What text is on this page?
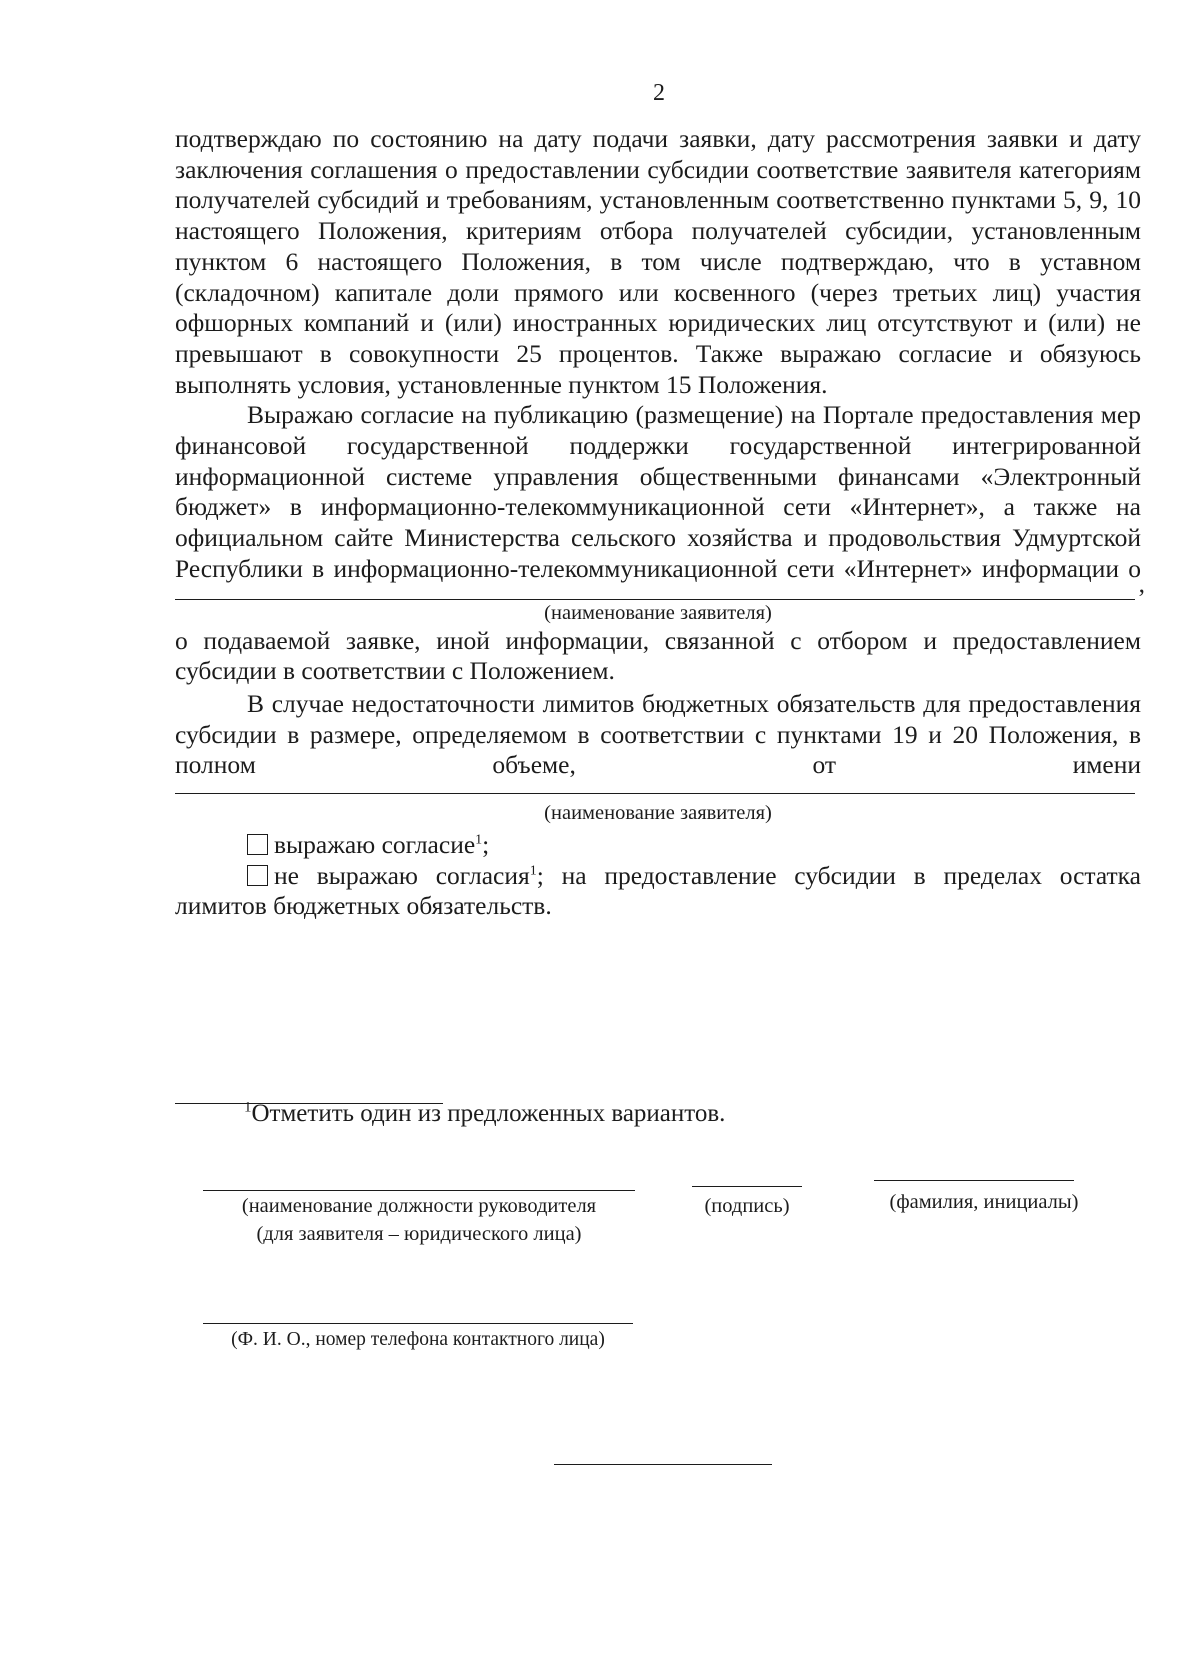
2

подтверждаю по состоянию на дату подачи заявки, дату рассмотрения заявки и дату заключения соглашения о предоставлении субсидии соответствие заявителя категориям получателей субсидий и требованиям, установленным соответственно пунктами 5, 9, 10 настоящего Положения, критериям отбора получателей субсидии, установленным пунктом 6 настоящего Положения, в том числе подтверждаю, что в уставном (складочном) капитале доли прямого или косвенного (через третьих лиц) участия офшорных компаний и (или) иностранных юридических лиц отсутствуют и (или) не превышают в совокупности 25 процентов. Также выражаю согласие и обязуюсь выполнять условия, установленные пунктом 15 Положения.

Выражаю согласие на публикацию (размещение) на Портале предоставления мер финансовой государственной поддержки государственной интегрированной информационной системе управления общественными финансами «Электронный бюджет» в информационно-телекоммуникационной сети «Интернет», а также на официальном сайте Министерства сельского хозяйства и продовольствия Удмуртской Республики в информационно-телекоммуникационной сети «Интернет» информации о

,
(наименование заявителя)

о подаваемой заявке, иной информации, связанной с отбором и предоставлением субсидии в соответствии с Положением.

В случае недостаточности лимитов бюджетных обязательств для предоставления субсидии в размере, определяемом в соответствии с пунктами 19 и 20 Положения, в полном объеме, от имени

(наименование заявителя)
выражаю согласие$^1$;

не выражаю согласия$^1$; на предоставление субсидии в пределах остатка лимитов бюджетных обязательств.

$^1$Отметить один из предложенных вариантов.
(наименование должности руководителя
(для заявителя – юридического лица)
(подпись)	(фамилия, инициалы)
(Ф. И. О., номер телефона контактного лица)
